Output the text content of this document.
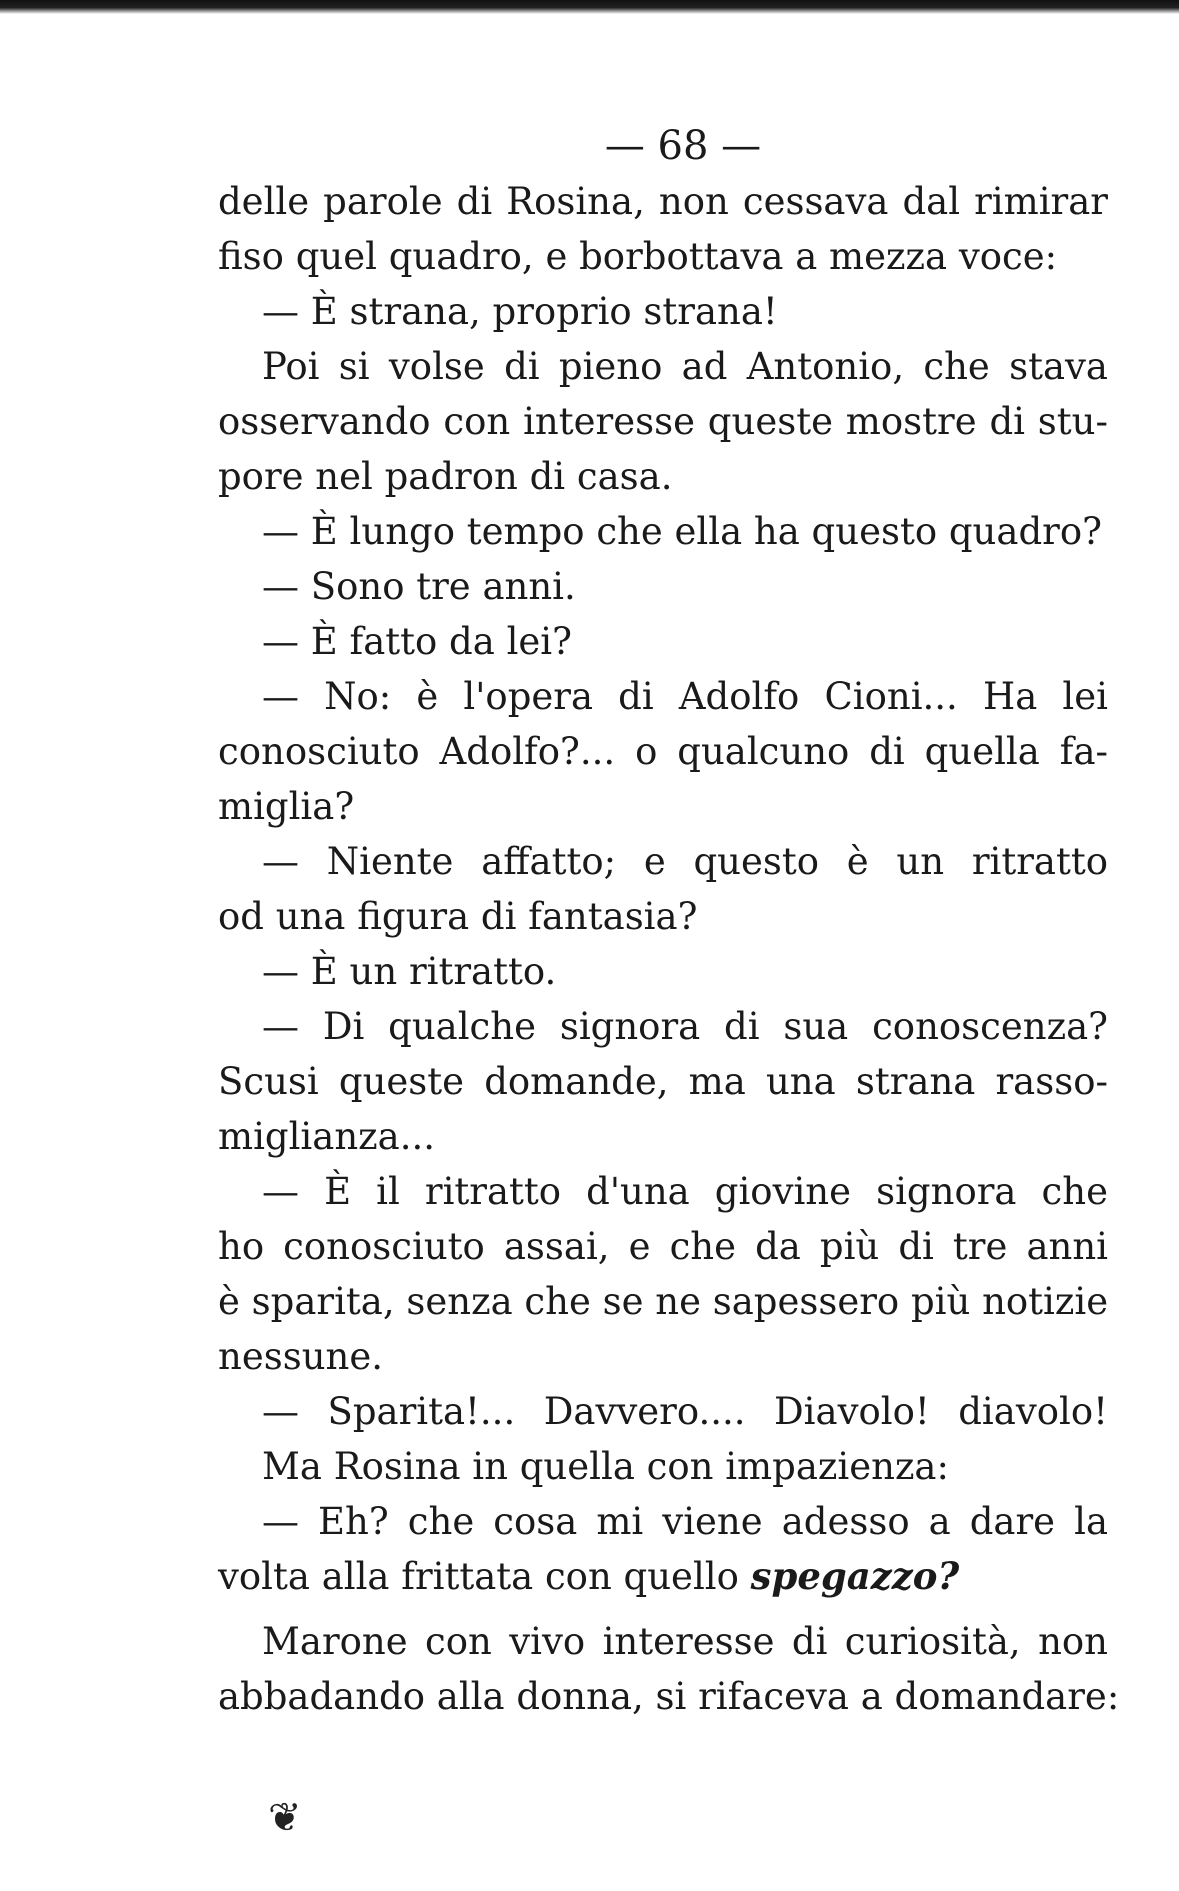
— 68 —
delle parole di Rosina, non cessava dal rimirar
fiso quel quadro, e borbottava a mezza voce:
— È strana, proprio strana!
Poi si volse di pieno ad Antonio, che stava
osservando con interesse queste mostre di stu-
pore nel padron di casa.
— È lungo tempo che ella ha questo quadro?
— Sono tre anni.
— È fatto da lei?
— No: è l'opera di Adolfo Cioni... Ha lei
conosciuto Adolfo?... o qualcuno di quella fa-
miglia?
— Niente affatto; e questo è un ritratto
od una figura di fantasia?
— È un ritratto.
— Di qualche signora di sua conoscenza?
Scusi queste domande, ma una strana rasso-
miglianza...
— È il ritratto d'una giovine signora che
ho conosciuto assai, e che da più di tre anni
è sparita, senza che se ne sapessero più notizie
nessune.
— Sparita!... Davvero.... Diavolo! diavolo!
Ma Rosina in quella con impazienza:
— Eh? che cosa mi viene adesso a dare la
volta alla frittata con quello spegazzo?
Marone con vivo interesse di curiosità, non
abbadando alla donna, si rifaceva a domandare:
❦
